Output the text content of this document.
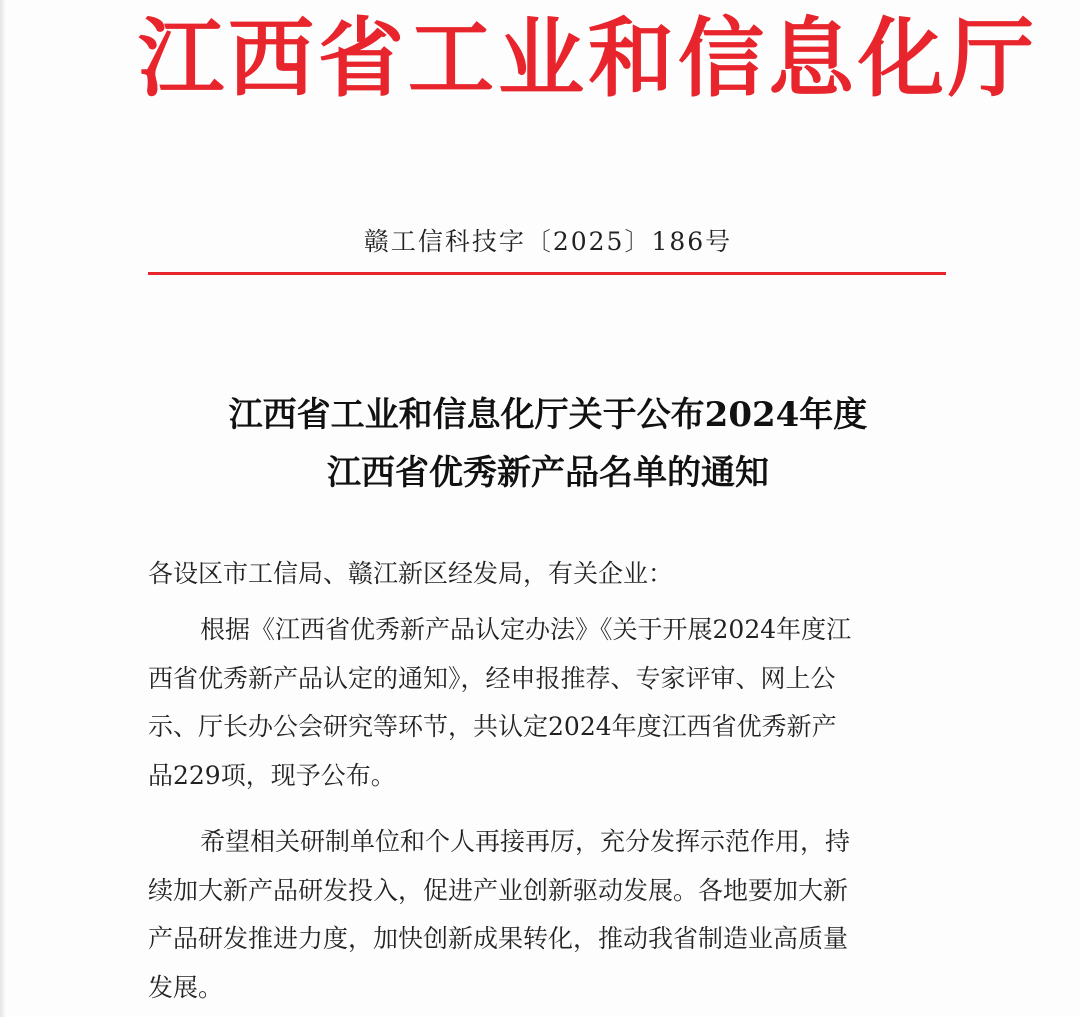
江西省工业和信息化厅
赣工信科技字〔2025〕186号
江西省工业和信息化厅关于公布2024年度
江西省优秀新产品名单的通知
各设区市工信局、赣江新区经发局，有关企业：
根据《江西省优秀新产品认定办法》《关于开展2024年度江
西省优秀新产品认定的通知》，经申报推荐、专家评审、网上公
示、厅长办公会研究等环节，共认定2024年度江西省优秀新产
品229项，现予公布。
希望相关研制单位和个人再接再厉，充分发挥示范作用，持
续加大新产品研发投入，促进产业创新驱动发展。各地要加大新
产品研发推进力度，加快创新成果转化，推动我省制造业高质量
发展。
